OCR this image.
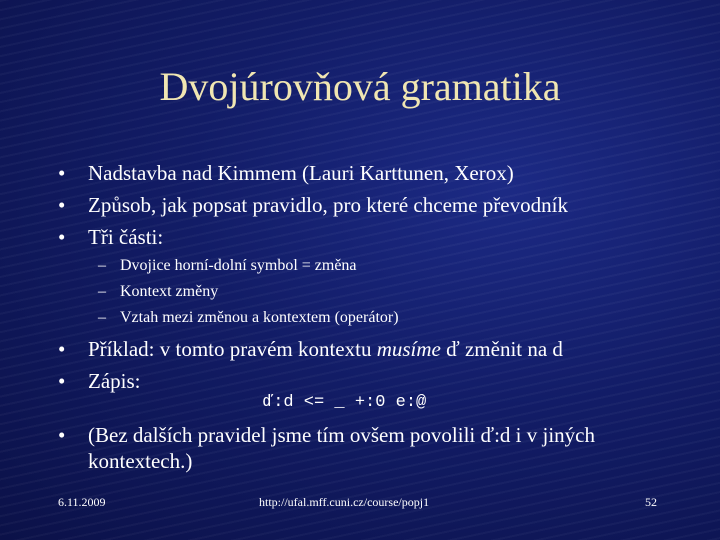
Dvojúrovňová gramatika
•	Nadstavba nad Kimmem (Lauri Karttunen, Xerox)
•	Způsob, jak popsat pravidlo, pro které chceme převodník
•	Tři části:
– Dvojice horní-dolní symbol = změna
– Kontext změny
– Vztah mezi změnou a kontextem (operátor)
•	Příklad: v tomto pravém kontextu musíme ď změnit na d
•	Zápis:
ď:d <= _ +:0 e:@
•	(Bez dalších pravidel jsme tím ovšem povolili ď:d i v jiných kontextech.)
6.11.2009	http://ufal.mff.cuni.cz/course/popj1	52
